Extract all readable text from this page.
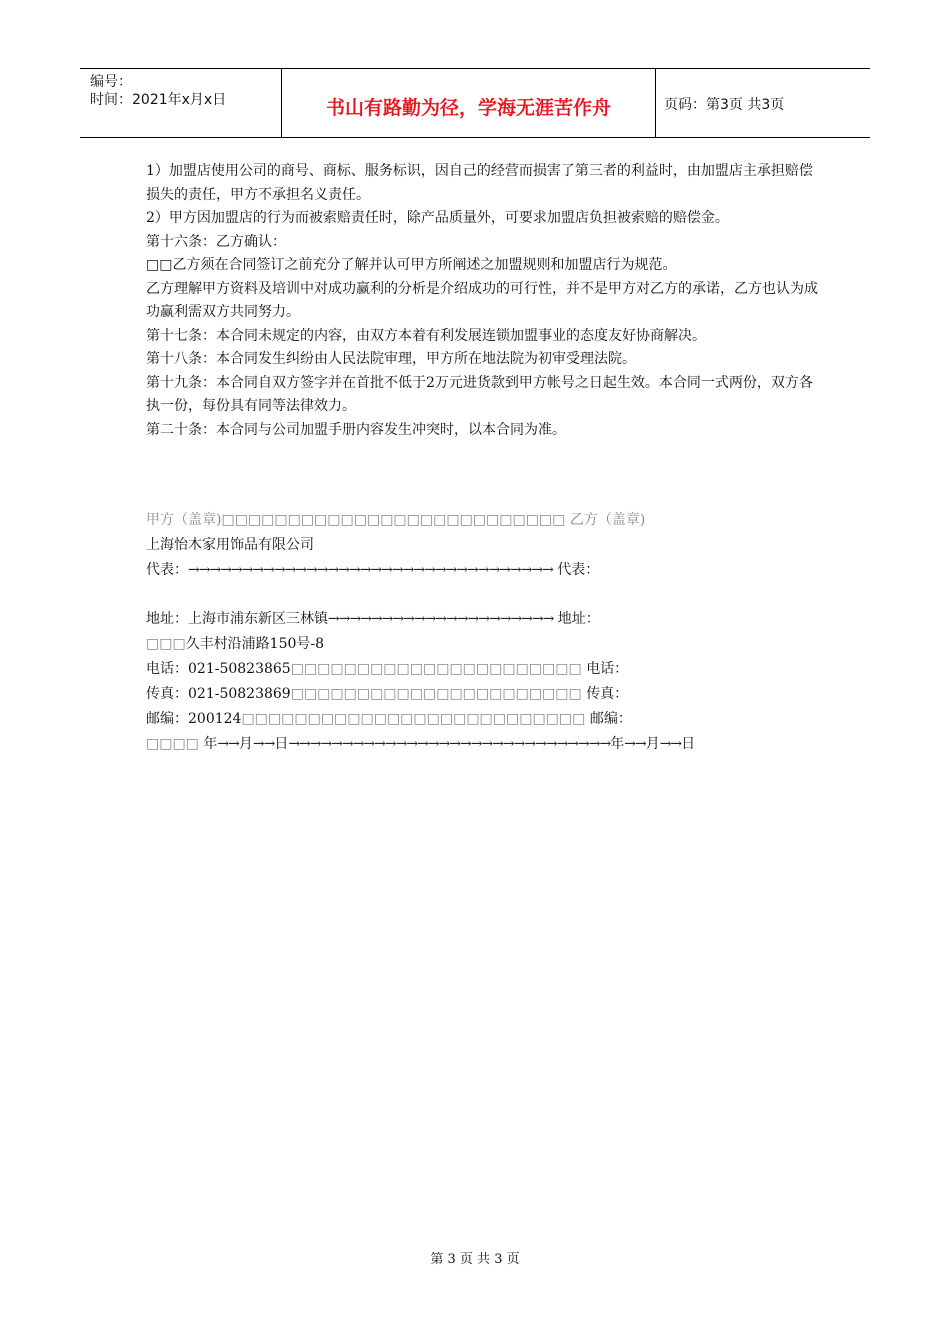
编号：
时间：2021年x月x日	书山有路勤为径，学海无涯苦作舟	页码：第3页 共3页

1）加盟店使用公司的商号、商标、服务标识，因自己的经营而损害了第三者的利益时，由加盟店主承担赔偿损失的责任，甲方不承担名义责任。

2）甲方因加盟店的行为而被索赔责任时，除产品质量外，可要求加盟店负担被索赔的赔偿金。

第十六条：乙方确认：

□□乙方须在合同签订之前充分了解并认可甲方所阐述之加盟规则和加盟店行为规范。

乙方理解甲方资料及培训中对成功赢利的分析是介绍成功的可行性，并不是甲方对乙方的承诺，乙方也认为成功赢利需双方共同努力。

第十七条：本合同未规定的内容，由双方本着有利发展连锁加盟事业的态度友好协商解决。

第十八条：本合同发生纠纷由人民法院审理，甲方所在地法院为初审受理法院。

第十九条：本合同自双方签字并在首批不低于2万元进货款到甲方帐号之日起生效。本合同一式两份，双方各执一份，每份具有同等法律效力。

第二十条：本合同与公司加盟手册内容发生冲突时，以本合同为准。

甲方（盖章)□□□□□□□□□□□□□□□□□□□□□□□□□□ 乙方（盖章)
上海怡木家用饰品有限公司
代表：→→→→→→→→→→→→→→→→→→→→→→→→→→→→→→→→→→ 代表：
地址：上海市浦东新区三林镇→→→→→→→→→→→→→→→→→→→→→ 地址：
□□□久丰村沿浦路150号-8
电话：021-50823865□□□□□□□□□□□□□□□□□□□□□□ 电话：
传真：021-50823869□□□□□□□□□□□□□□□□□□□□□□ 传真：
邮编：200124□□□□□□□□□□□□□□□□□□□□□□□□□□ 邮编：
□□□□ 年→→月→→日→→→→→→→→→→→→→→→→→→→→→→→→→→→→→→年→→月→→日
第 3 页 共 3 页
